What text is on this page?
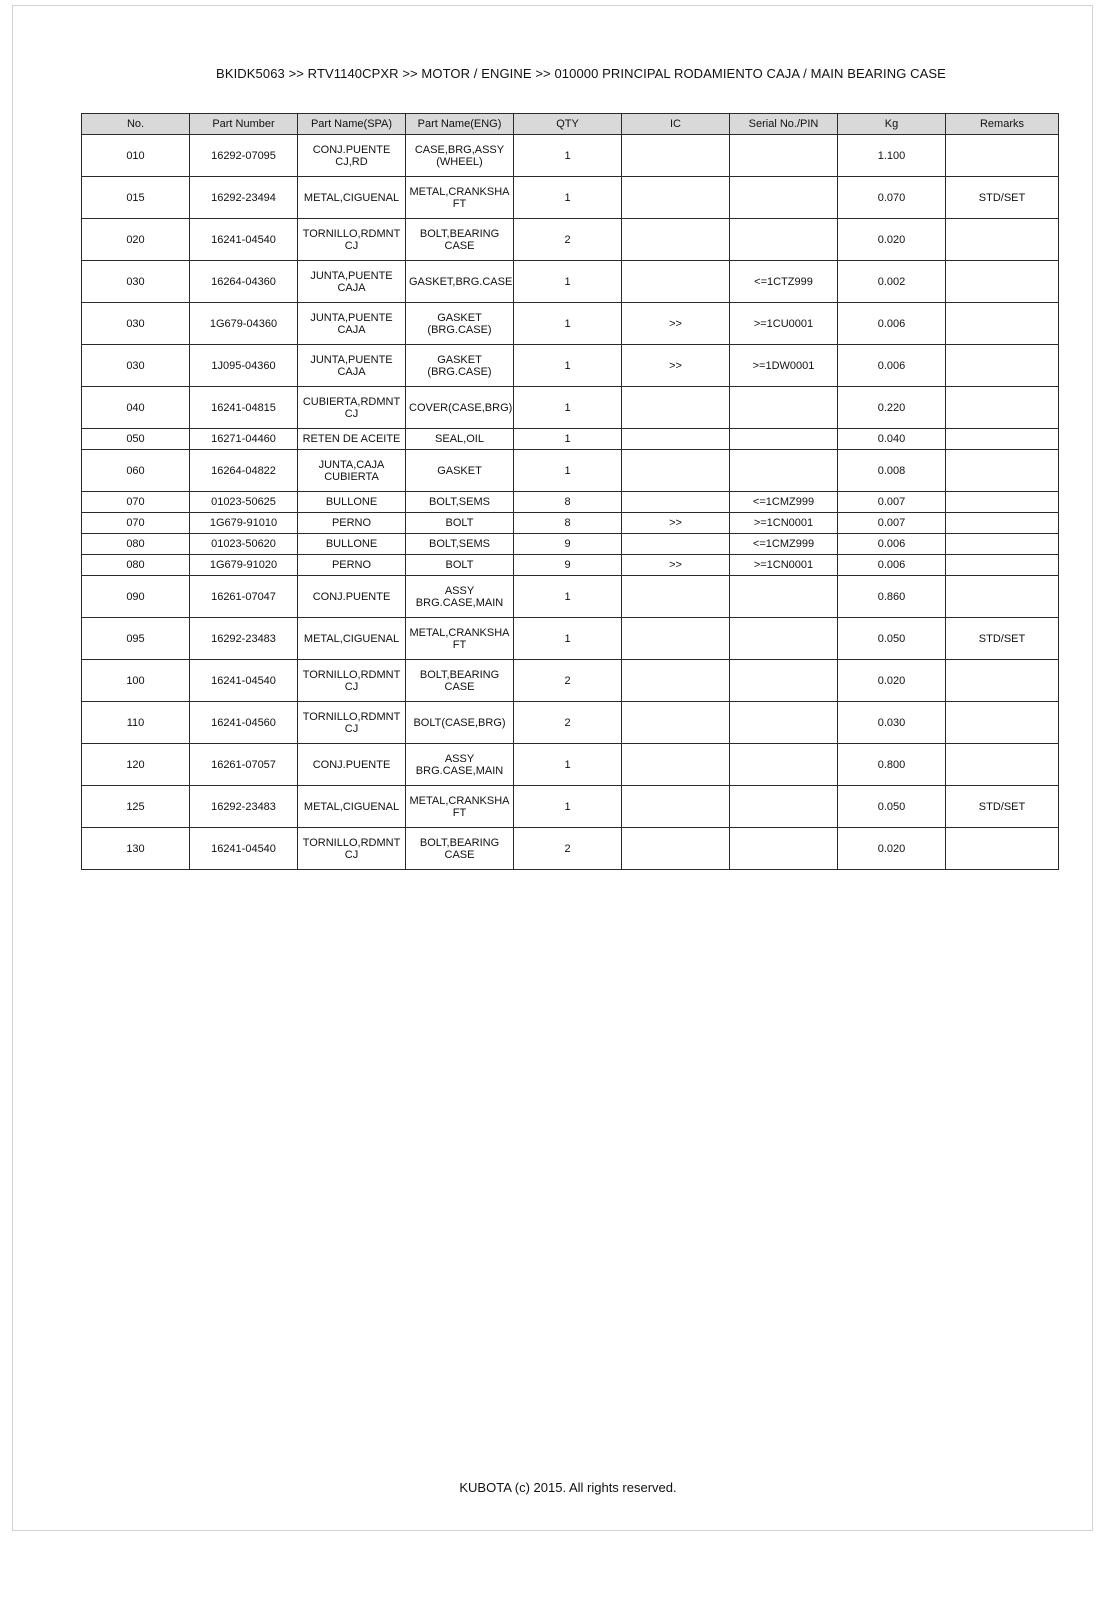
BKIDK5063 >> RTV1140CPXR >> MOTOR / ENGINE >> 010000 PRINCIPAL RODAMIENTO CAJA / MAIN BEARING CASE
No.	Part Number	Part Name(SPA)	Part Name(ENG)	QTY	IC	Serial No./PIN	Kg	Remarks
010	16292-07095	CONJ.PUENTE CJ,RD	CASE,BRG,ASSY (WHEEL)	1			1.100	
015	16292-23494	METAL,CIGUENAL	METAL,CRANKSHA FT	1			0.070	STD/SET
020	16241-04540	TORNILLO,RDMNT CJ	BOLT,BEARING CASE	2			0.020	
030	16264-04360	JUNTA,PUENTE CAJA	GASKET,BRG.CASE	1		<=1CTZ999	0.002	
030	1G679-04360	JUNTA,PUENTE CAJA	GASKET (BRG.CASE)	1	>>	>=1CU0001	0.006	
030	1J095-04360	JUNTA,PUENTE CAJA	GASKET (BRG.CASE)	1	>>	>=1DW0001	0.006	
040	16241-04815	CUBIERTA,RDMNT CJ	COVER(CASE,BRG)	1			0.220	
050	16271-04460	RETEN DE ACEITE	SEAL,OIL	1			0.040	
060	16264-04822	JUNTA,CAJA CUBIERTA	GASKET	1			0.008	
070	01023-50625	BULLONE	BOLT,SEMS	8		<=1CMZ999	0.007	
070	1G679-91010	PERNO	BOLT	8	>>	>=1CN0001	0.007	
080	01023-50620	BULLONE	BOLT,SEMS	9		<=1CMZ999	0.006	
080	1G679-91020	PERNO	BOLT	9	>>	>=1CN0001	0.006	
090	16261-07047	CONJ.PUENTE	ASSY BRG.CASE,MAIN	1			0.860	
095	16292-23483	METAL,CIGUENAL	METAL,CRANKSHA FT	1			0.050	STD/SET
100	16241-04540	TORNILLO,RDMNT CJ	BOLT,BEARING CASE	2			0.020	
110	16241-04560	TORNILLO,RDMNT CJ	BOLT(CASE,BRG)	2			0.030	
120	16261-07057	CONJ.PUENTE	ASSY BRG.CASE,MAIN	1			0.800	
125	16292-23483	METAL,CIGUENAL	METAL,CRANKSHA FT	1			0.050	STD/SET
130	16241-04540	TORNILLO,RDMNT CJ	BOLT,BEARING CASE	2			0.020	
KUBOTA (c) 2015. All rights reserved.
